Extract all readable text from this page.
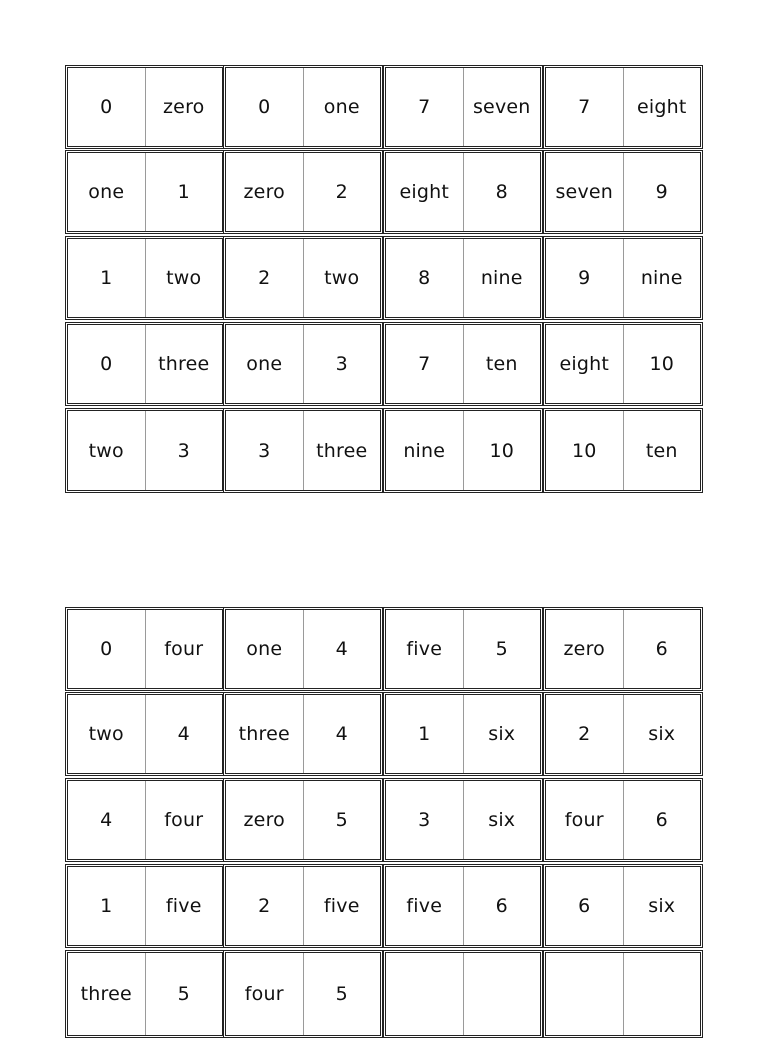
0	zero	0	one	7	seven	7	eight
one	1	zero	2	eight	8	seven	9
1	two	2	two	8	nine	9	nine
0	three	one	3	7	ten	eight	10
two	3	3	three	nine	10	10	ten
0	four	one	4	five	5	zero	6
two	4	three	4	1	six	2	six
4	four	zero	5	3	six	four	6
1	five	2	five	five	6	6	six
three	5	four	5
